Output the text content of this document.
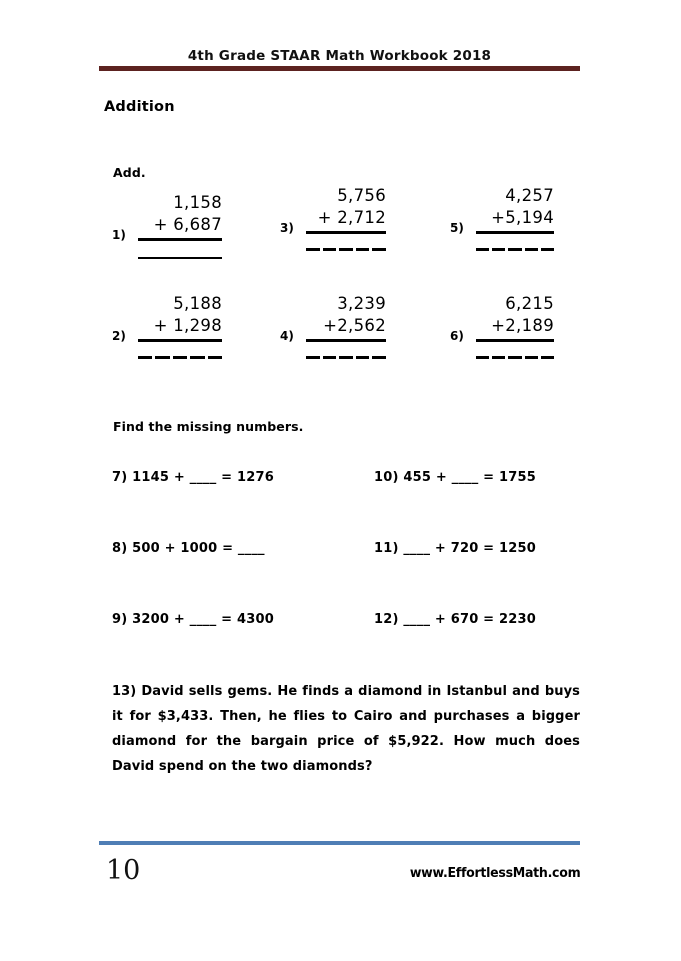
4th Grade STAAR Math Workbook 2018
Addition
Add.
1)
1,158
+ 6,687
2)
5,188
+ 1,298
3)
5,756
+ 2,712
4)
3,239
+2,562
5)
4,257
+5,194
6)
6,215
+2,189
Find the missing numbers.
7) 1145 + ____ = 1276
8) 500 + 1000 = ____
9) 3200 + ____ = 4300
10) 455 + ____ = 1755
11) ____ + 720 = 1250
12) ____ + 670 = 2230
13) David sells gems. He finds a diamond in Istanbul and buys it for $3,433. Then, he flies to Cairo and purchases a bigger diamond for the bargain price of $5,922. How much does David spend on the two diamonds?
10	www.EffortlessMath.com
